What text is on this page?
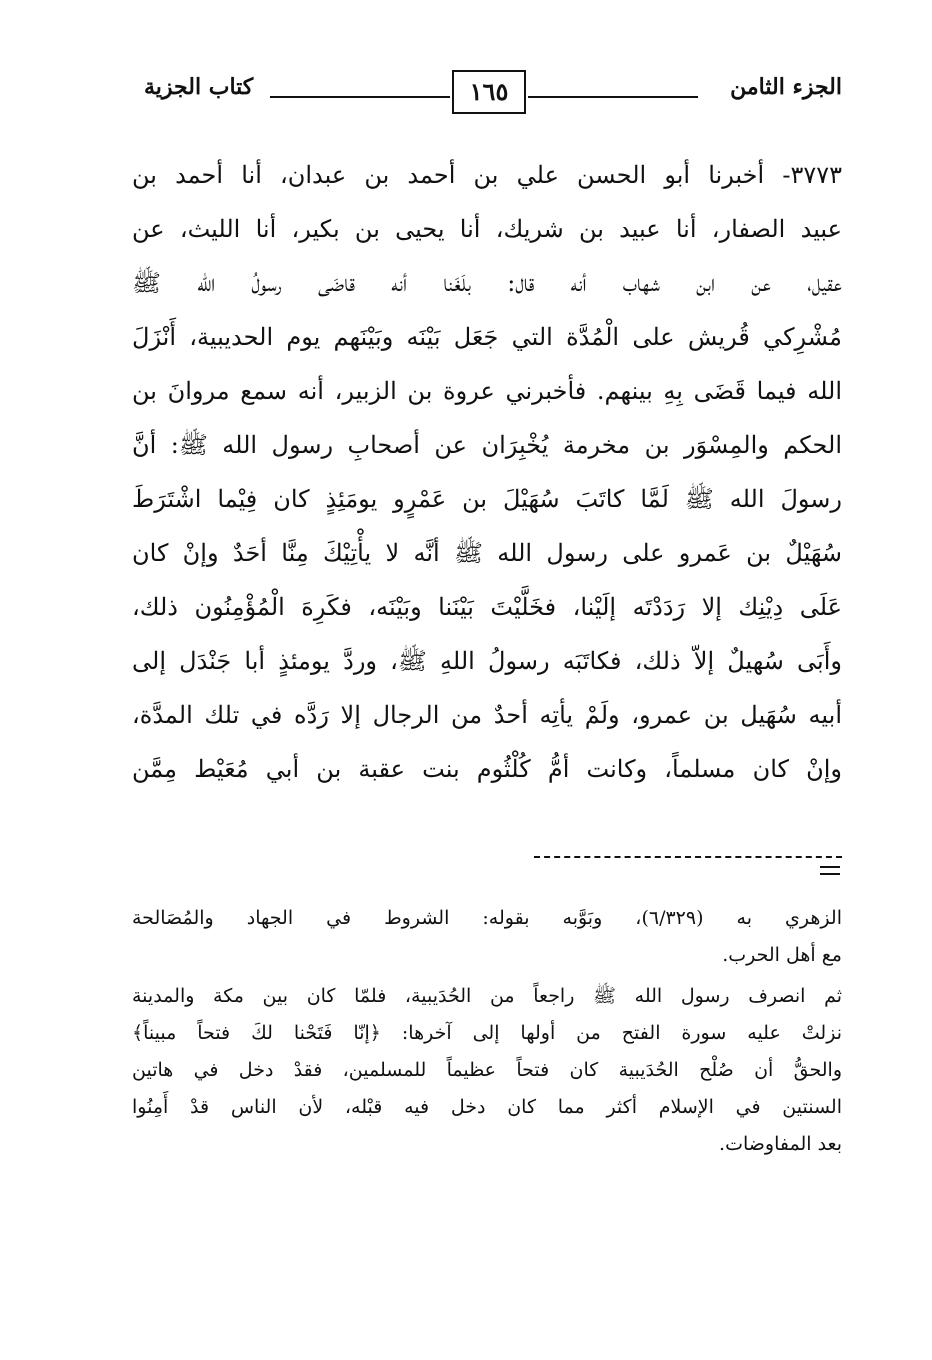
الجزء الثامن
١٦٥
كتاب الجزية
٣٧٧٣- أخبرنا أبو الحسن علي بن أحمد بن عبدان، أنا أحمد بن
عبيد الصفار، أنا عبيد بن شريك، أنا يحيى بن بكير، أنا الليث، عن
عقيل، عن ابن شهاب أنه قال: بلَغَنا أنه قاضَى رسولُ الله ﷺ
مُشْرِكي قُريش على الْمُدَّة التي جَعَل بَيْنَه وبَيْنَهم يوم الحديبية، أَنْزَلَ
الله فيما قَضَى بِهِ بينهم. فأخبرني عروة بن الزبير، أنه سمع مروانَ بن
الحكم والمِسْوَر بن مخرمة يُخْبِرَان عن أصحابِ رسول الله ﷺ: أنَّ
رسولَ الله ﷺ لَمَّا كاتَبَ سُهَيْلَ بن عَمْرٍو يومَئِذٍ كان فِيْما اشْتَرَطَ
سُهَيْلٌ بن عَمرو على رسول الله ﷺ أنَّه لا يأْتِيْكَ مِنَّا أحَدٌ وإنْ كان
عَلَى دِيْنِك إلا رَدَدْتَه إلَيْنا، فخَلَّيْتَ بَيْنَنا وبَيْنَه، فكَرِهَ الْمُؤْمِنُون ذلك،
وأَبَى سُهيلٌ إلاّ ذلك، فكاتَبَه رسولُ اللهِ ﷺ، وردَّ يومئذٍ أبا جَنْدَل إلى
أبيه سُهَيل بن عمرو، ولَمْ يأتِه أحدٌ من الرجال إلا رَدَّه في تلك المدَّة،
وإنْ كان مسلماً، وكانت أمُّ كُلْثُوم بنت عقبة بن أبي مُعَيْط مِمَّن
الزهري به (٦/٣٢٩)، وبَوَّبه بقوله: الشروط في الجهاد والمُصَالحة
مع أهل الحرب.
ثم انصرف رسول الله ﷺ راجعاً من الحُدَيبية، فلمّا كان بين مكة والمدينة
نزلتْ عليه سورة الفتح من أولها إلى آخرها: ﴿إنّا فَتَحْنا لكَ فتحاً مبيناً﴾
والحقُّ أن صُلْح الحُدَيبية كان فتحاً عظيماً للمسلمين، فقدْ دخل في هاتين
السنتين في الإسلام أكثر مما كان دخل فيه قبْله، لأن الناس قدْ أَمِنُوا
بعد المفاوضات.
